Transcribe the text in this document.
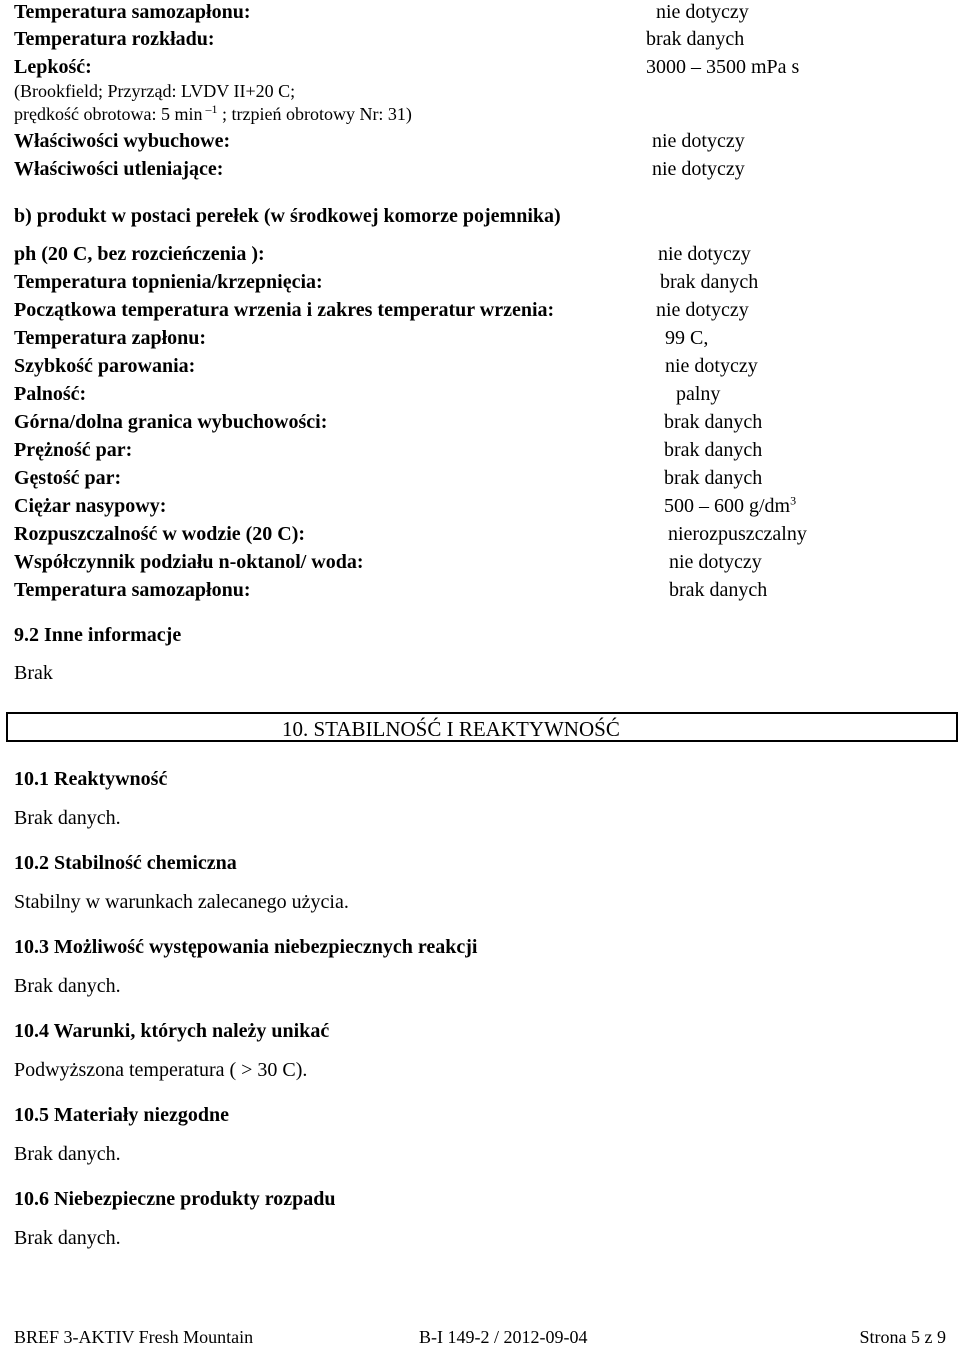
Temperatura samozapłonu:	nie dotyczy
Temperatura rozkładu:	brak danych
Lepkość:	3000 – 3500 mPa s
(Brookfield; Przyrząd: LVDV II+20 C;
prędkość obrotowa: 5 min $^{-1}$ ; trzpień obrotowy Nr: 31)
Właściwości wybuchowe:	nie dotyczy
Właściwości utleniające:	nie dotyczy
b) produkt w postaci perełek (w środkowej komorze pojemnika)
ph (20 C, bez rozcieńczenia ):	nie dotyczy
Temperatura topnienia/krzepnięcia:	brak danych
Początkowa temperatura wrzenia i zakres temperatur wrzenia:	nie dotyczy
Temperatura zapłonu:	99 C,
Szybkość parowania:	nie dotyczy
Palność:	palny
Górna/dolna granica wybuchowości:	brak danych
Prężność par:	brak danych
Gęstość par:	brak danych
Ciężar nasypowy:	500 – 600 $g/dm^3$
Rozpuszczalność w wodzie (20 C):	nierozpuszczalny
Współczynnik podziału n-oktanol/ woda:	nie dotyczy
Temperatura samozapłonu:	brak danych
9.2 Inne informacje
Brak
10. STABILNOŚĆ I REAKTYWNOŚĆ
10.1 Reaktywność
Brak danych.
10.2 Stabilność chemiczna
Stabilny w warunkach zalecanego użycia.
10.3 Możliwość występowania niebezpiecznych reakcji
Brak danych.
10.4 Warunki, których należy unikać
Podwyższona temperatura ( > 30 C).
10.5 Materiały niezgodne
Brak danych.
10.6 Niebezpieczne produkty rozpadu
Brak danych.
BREF 3-AKTIV Fresh Mountain	B-I 149-2 / 2012-09-04	Strona 5 z 9
